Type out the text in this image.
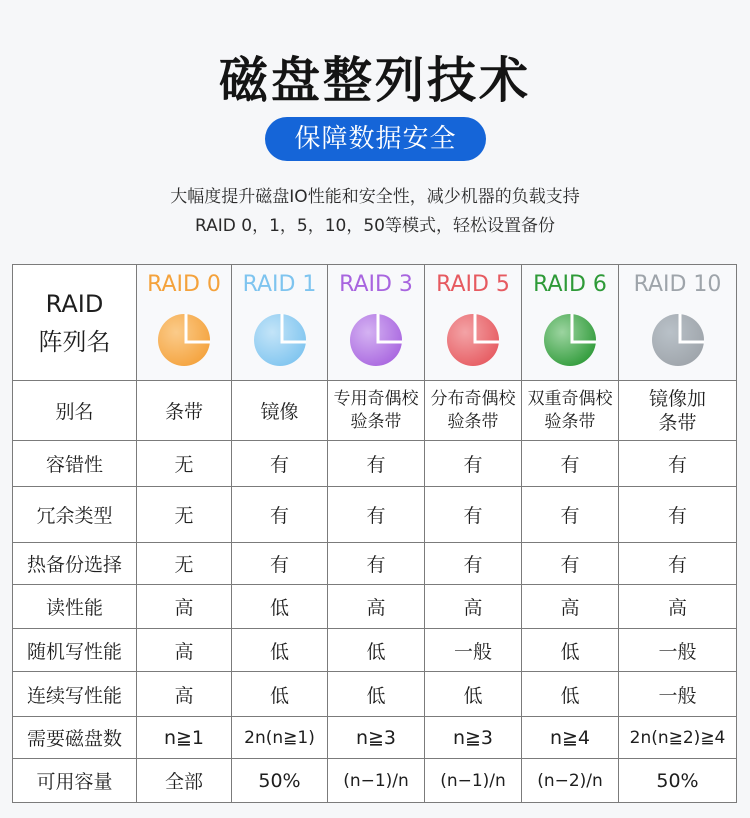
磁盘整列技术
保障数据安全
大幅度提升磁盘IO性能和安全性，减少机器的负载支持
RAID 0，1，5，10，50等模式，轻松设置备份
RAID
阵列名	RAID 0	RAID 1	RAID 3	RAID 5	RAID 6	RAID 10

别名	条带	镜像	专用奇偶校验条带	分布奇偶校验条带	双重奇偶校验条带	镜像加条带
容错性	无	有	有	有	有	有
冗余类型	无	有	有	有	有	有
热备份选择	无	有	有	有	有	有
读性能	高	低	高	高	高	高
随机写性能	高	低	低	一般	低	一般
连续写性能	高	低	低	低	低	一般
需要磁盘数	n≧1	2n(n≧1)	n≧3	n≧3	n≧4	2n(n≧2)≧4
可用容量	全部	50%	(n−1)/n	(n−1)/n	(n−2)/n	50%
